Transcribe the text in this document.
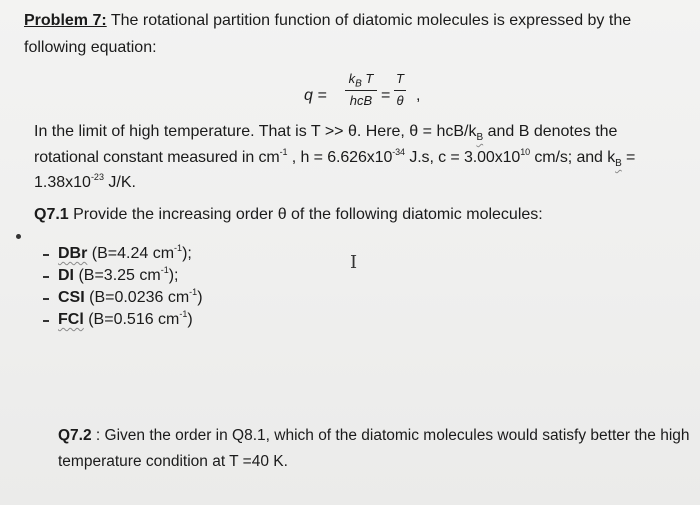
Problem 7: The rotational partition function of diatomic molecules is expressed by the
following equation:
q =
$k_B$ T
hcB =
T
θ ,
In the limit of high temperature. That is T >> θ. Here, θ = hcB/$k_B$ and B denotes the
rotational constant measured in $cm^{-1}$ , $h = 6.626x10^{-34}$ J.s, $c = 3.00x10^{10}$ cm/s; and $k_B$ =
$1.38x10^{-23}$ J/K.
Q7.1 Provide the increasing order θ of the following diatomic molecules:
DBr (B=4.24 $cm^{-1}$);
DI (B=3.25 $cm^{-1}$);
CSI (B=0.0236 $cm^{-1}$)
FCl (B=0.516 $cm^{-1}$)
I
Q7.2 : Given the order in Q8.1, which of the diatomic molecules would satisfy better the high
temperature condition at T =40 K.
